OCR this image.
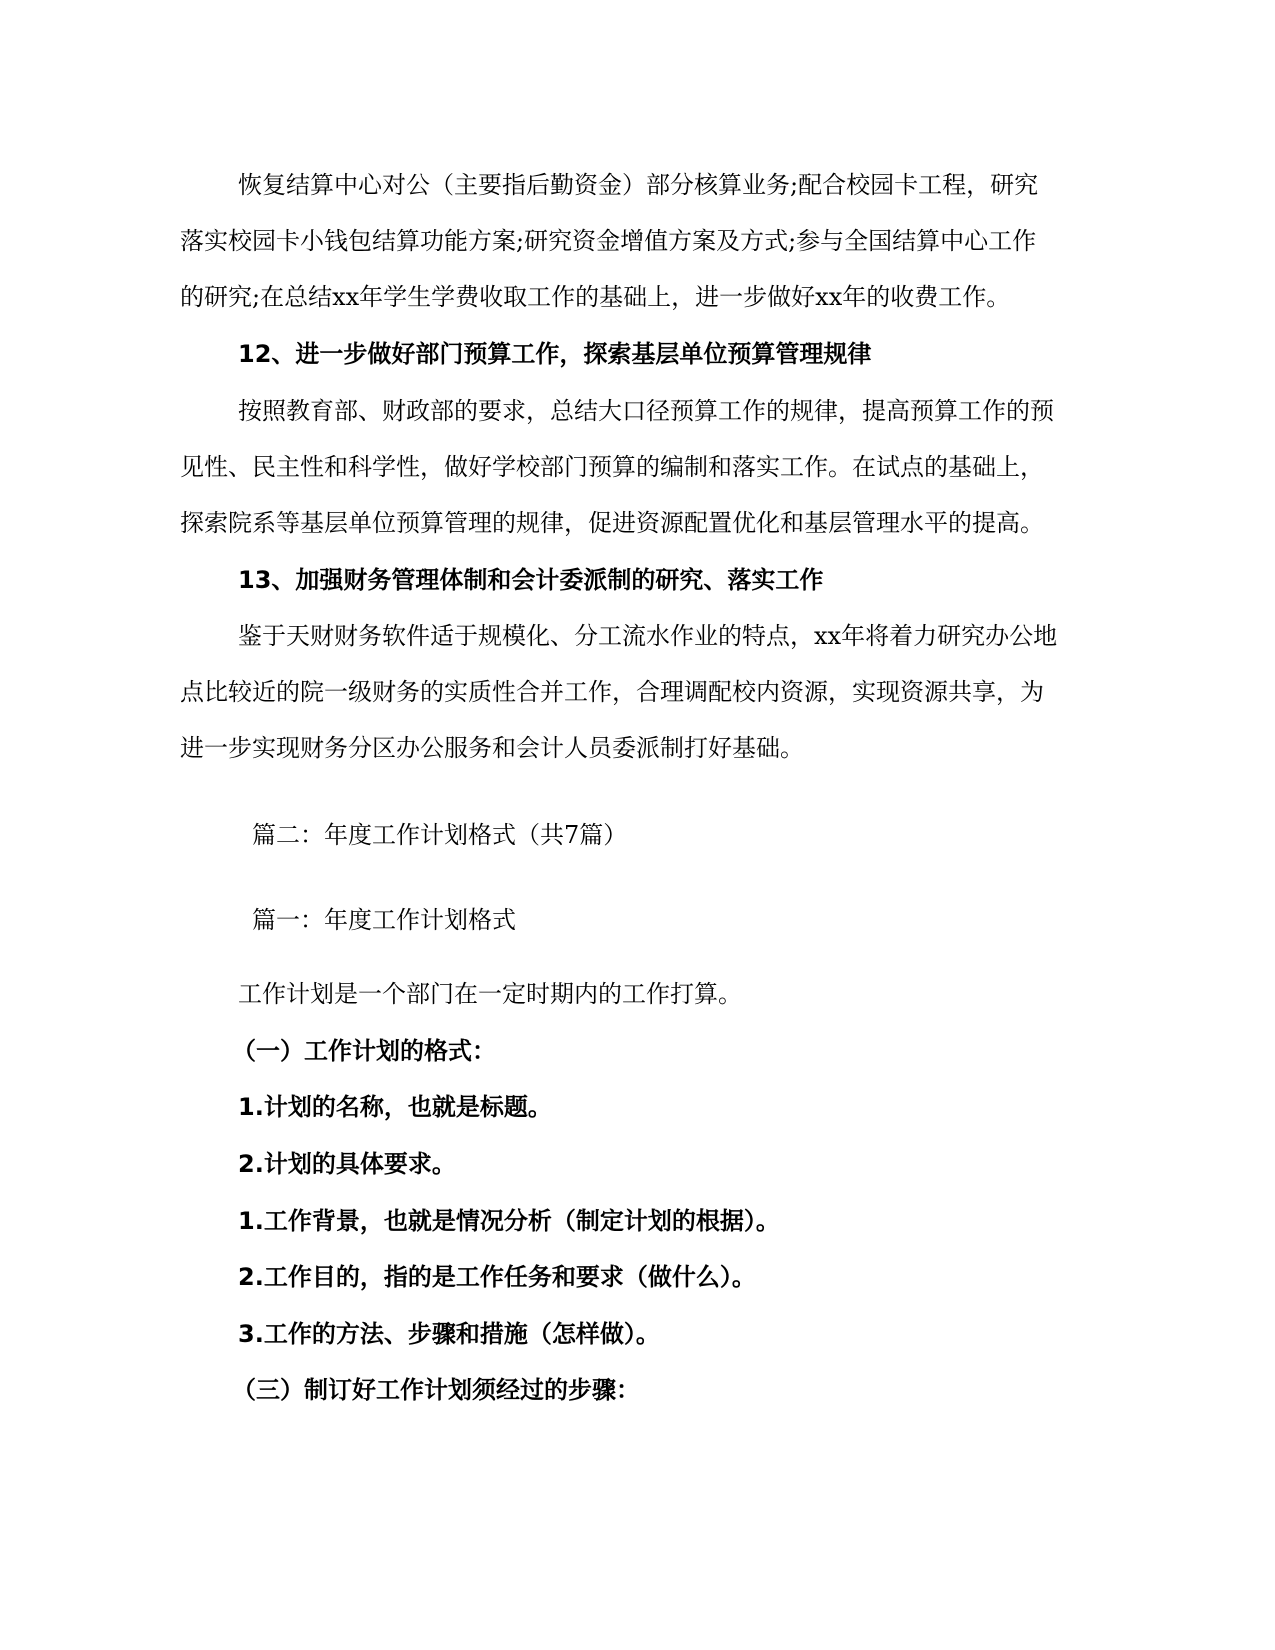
恢复结算中心对公（主要指后勤资金）部分核算业务;配合校园卡工程，研究
落实校园卡小钱包结算功能方案;研究资金增值方案及方式;参与全国结算中心工作
的研究;在总结xx年学生学费收取工作的基础上，进一步做好xx年的收费工作。
12、进一步做好部门预算工作，探索基层单位预算管理规律
按照教育部、财政部的要求，总结大口径预算工作的规律，提高预算工作的预
见性、民主性和科学性，做好学校部门预算的编制和落实工作。在试点的基础上，
探索院系等基层单位预算管理的规律，促进资源配置优化和基层管理水平的提高。
13、加强财务管理体制和会计委派制的研究、落实工作
鉴于天财财务软件适于规模化、分工流水作业的特点，xx年将着力研究办公地
点比较近的院一级财务的实质性合并工作，合理调配校内资源，实现资源共享，为
进一步实现财务分区办公服务和会计人员委派制打好基础。
篇二：年度工作计划格式（共7篇）
篇一：年度工作计划格式
工作计划是一个部门在一定时期内的工作打算。
（一）工作计划的格式：
1.计划的名称，也就是标题。
2.计划的具体要求。
1.工作背景，也就是情况分析（制定计划的根据）。
2.工作目的，指的是工作任务和要求（做什么）。
3.工作的方法、步骤和措施（怎样做）。
（三）制订好工作计划须经过的步骤：
